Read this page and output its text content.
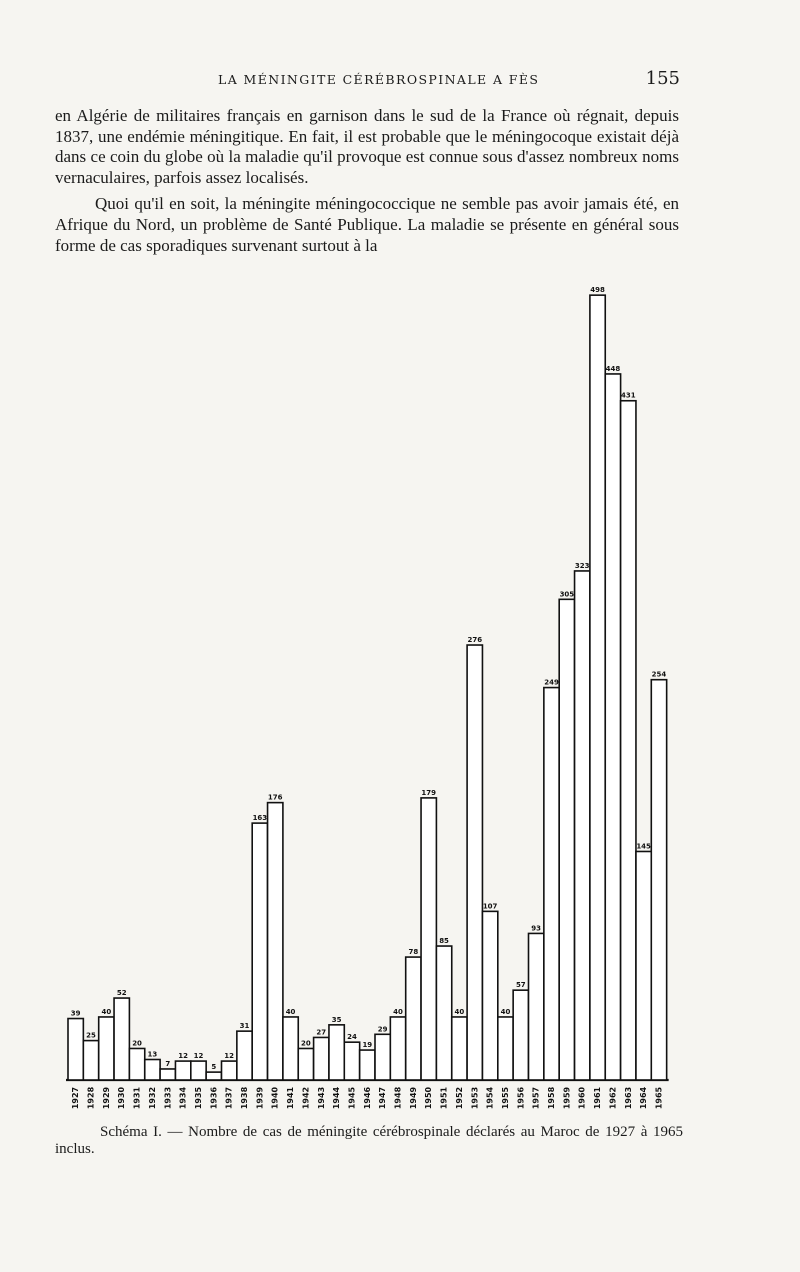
LA MÉNINGITE CÉRÉBROSPINALE A FÈS	155

en Algérie de militaires français en garnison dans le sud de la France où régnait, depuis 1837, une endémie méningitique. En fait, il est probable que le méningocoque existait déjà dans ce coin du globe où la maladie qu'il provoque est connue sous d'assez nombreux noms vernaculaires, parfois assez localisés.

Quoi qu'il en soit, la méningite méningococcique ne semble pas avoir jamais été, en Afrique du Nord, un problème de Santé Publique. La maladie se présente en général sous forme de cas sporadiques survenant surtout à la

39
1927
25
1928
40
1929
52
1930
20
1931
13
1932
7
1933
12
1934
12
1935
5
1936
12
1937
31
1938
163
1939
176
1940
40
1941
20
1942
27
1943
35
1944
24
1945
19
1946
29
1947
40
1948
78
1949
179
1950
85
1951
40
1952
276
1953
107
1954
40
1955
57
1956
93
1957
249
1958
305
1959
323
1960
498
1961
448
1962
431
1963
145
1964
254
1965
Schéma I. — Nombre de cas de méningite cérébrospinale déclarés au Maroc de 1927 à 1965 inclus.
